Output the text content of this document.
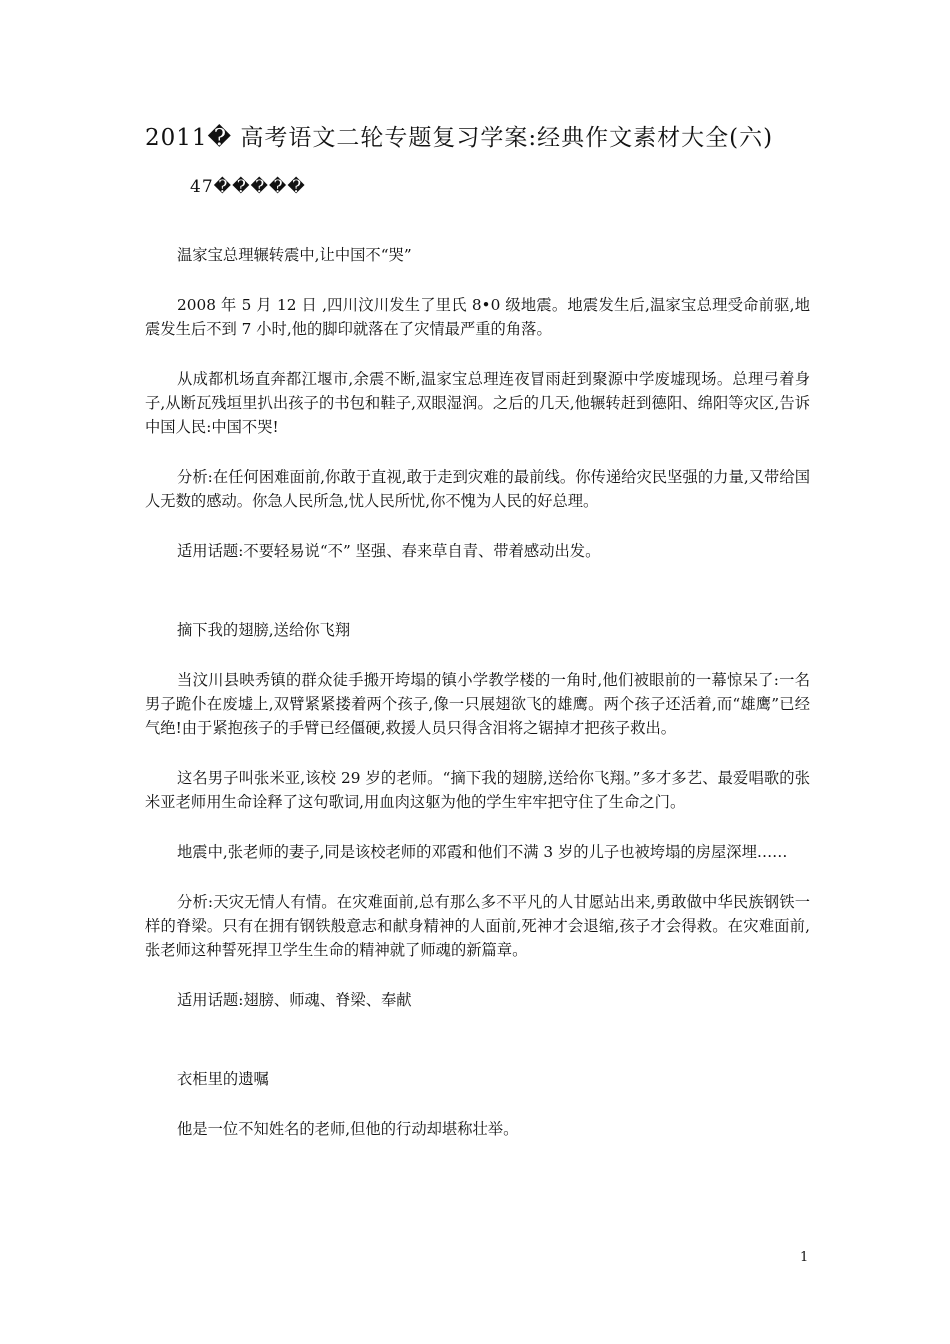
2011� 高考语文二轮专题复习学案:经典作文素材大全(六)
47�����

温家宝总理辗转震中,让中国不“哭”

2008 年 5 月 12 日 ,四川汶川发生了里氏 8•0 级地震。地震发生后,温家宝总理受命前驱,地震发生后不到 7 小时,他的脚印就落在了灾情最严重的角落。

从成都机场直奔都江堰市,余震不断,温家宝总理连夜冒雨赶到聚源中学废墟现场。总理弓着身子,从断瓦残垣里扒出孩子的书包和鞋子,双眼湿润。之后的几天,他辗转赶到德阳、绵阳等灾区,告诉中国人民:中国不哭!

分析:在任何困难面前,你敢于直视,敢于走到灾难的最前线。你传递给灾民坚强的力量,又带给国人无数的感动。你急人民所急,忧人民所忧,你不愧为人民的好总理。

适用话题:不要轻易说“不” 坚强、春来草自青、带着感动出发。

摘下我的翅膀,送给你飞翔

当汶川县映秀镇的群众徒手搬开垮塌的镇小学教学楼的一角时,他们被眼前的一幕惊呆了:一名男子跪仆在废墟上,双臂紧紧搂着两个孩子,像一只展翅欲飞的雄鹰。两个孩子还活着,而“雄鹰”已经气绝!由于紧抱孩子的手臂已经僵硬,救援人员只得含泪将之锯掉才把孩子救出。

这名男子叫张米亚,该校 29 岁的老师。“摘下我的翅膀,送给你飞翔。”多才多艺、最爱唱歌的张米亚老师用生命诠释了这句歌词,用血肉这躯为他的学生牢牢把守住了生命之门。

地震中,张老师的妻子,同是该校老师的邓霞和他们不满 3 岁的儿子也被垮塌的房屋深埋……

分析:天灾无情人有情。在灾难面前,总有那么多不平凡的人甘愿站出来,勇敢做中华民族钢铁一样的脊梁。只有在拥有钢铁般意志和献身精神的人面前,死神才会退缩,孩子才会得救。在灾难面前,张老师这种誓死捍卫学生生命的精神就了师魂的新篇章。

适用话题:翅膀、师魂、脊梁、奉献

衣柜里的遗嘱

他是一位不知姓名的老师,但他的行动却堪称壮举。

1
